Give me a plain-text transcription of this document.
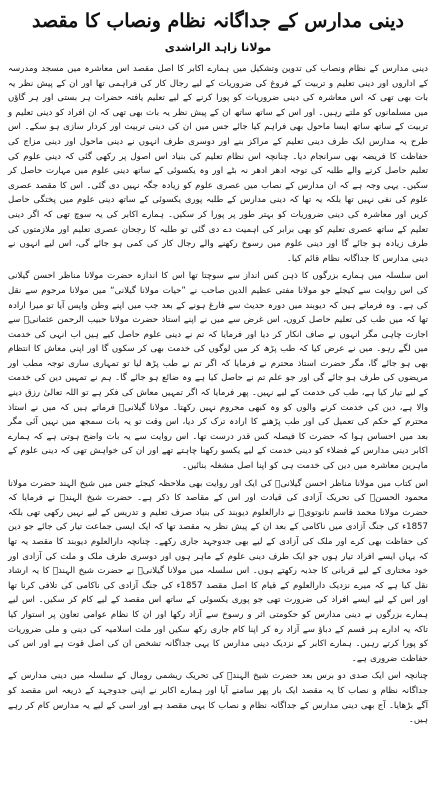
دینی مدارس کے جداگانہ نظام ونصاب کا مقصد
مولانا زاہد الراشدی
دینی مدارس کے نظام ونصاب کی تدوین وتشکیل میں ہمارے اکابر کا اصل مقصد اس معاشرہ میں مسجد ومدرسہ کے اداروں اور دینی تعلیم و تربیت کے فروغ کی ضروریات کے لیے رجال کار کی فراہمی تھا اور ان کے پیش نظر یہ بات بھی تھی کہ اس معاشرہ کی دینی ضروریات کو پورا کرنے کے لیے تعلیم یافتہ حضرات ہر بستی اور ہر گاؤں میں مسلمانوں کو ملتے رہیں۔ اور اس کے ساتھ ساتھ ان کے پیش نظر یہ بات بھی تھی کہ ان افراد کو دینی تعلیم و تربیت کے ساتھ ساتھ ایسا ماحول بھی فراہم کیا جائے جس میں ان کی دینی تربیت اور کردار سازی ہو سکے۔ اس طرح یہ مدارس ایک طرف دینی تعلیم کے مراکز بنے اور دوسری طرف انہوں نے دینی ماحول اور دینی مزاج کی حفاظت کا فریضہ بھی سرانجام دیا۔ چنانچہ اس نظام تعلیم کی بنیاد اس اصول پر رکھی گئی کہ دینی علوم کی تعلیم حاصل کرنے والے طلبہ کی توجہ ادھر ادھر نہ بٹے اور وہ یکسوئی کے ساتھ دینی علوم میں مہارت حاصل کر سکیں۔ یہی وجہ ہے کہ ان مدارس کے نصاب میں عصری علوم کو زیادہ جگہ نہیں دی گئی۔ اس کا مقصد عصری علوم کی نفی نہیں تھا بلکہ یہ تھا کہ دینی مدارس کے طلبہ پوری یکسوئی کے ساتھ دینی علوم میں پختگی حاصل کریں اور معاشرہ کی دینی ضروریات کو بہتر طور پر پورا کر سکیں۔ ہمارے اکابر کی یہ سوچ تھی کہ اگر دینی تعلیم کے ساتھ عصری تعلیم کو بھی برابر کی اہمیت دے دی گئی تو طلبہ کا رجحان عصری تعلیم اور ملازمتوں کی طرف زیادہ ہو جائے گا اور دینی علوم میں رسوخ رکھنے والے رجال کار کی کمی ہو جائے گی، اس لیے انہوں نے دینی مدارس کا جداگانہ نظام قائم کیا۔
اس سلسلہ میں ہمارے بزرگوں کا ذہن کس انداز سے سوچتا تھا اس کا اندازہ حضرت مولانا مناظر احسن گیلانی کی اس روایت سے کیجئے جو مولانا مفتی عظیم الدین صاحب نے ”حیات مولانا گیلانی“ میں مولانا مرحوم سے نقل کی ہے۔ وہ فرماتے ہیں کہ دیوبند میں دورہ حدیث سے فارغ ہونے کے بعد جب میں اپنے وطن واپس آیا تو میرا ارادہ تھا کہ میں طب کی تعلیم حاصل کروں، اس غرض سے میں نے اپنے استاذ حضرت مولانا حبیب الرحمن عثمانیؒ سے اجازت چاہی مگر انہوں نے صاف انکار کر دیا اور فرمایا کہ تم نے دینی علوم حاصل کیے ہیں اب انہی کی خدمت میں لگے رہو۔ میں نے عرض کیا کہ طب پڑھ کر میں لوگوں کی خدمت بھی کر سکوں گا اور اپنی معاش کا انتظام بھی ہو جائے گا، مگر حضرت استاذ محترم نے فرمایا کہ اگر تم نے طب پڑھ لیا تو تمہاری ساری توجہ مطب اور مریضوں کی طرف ہو جائے گی اور جو علم تم نے حاصل کیا ہے وہ ضائع ہو جائے گا۔ ہم نے تمہیں دین کی خدمت کے لیے تیار کیا ہے، طب کی خدمت کے لیے نہیں۔ پھر فرمایا کہ اگر تمہیں معاش کی فکر ہے تو اللہ تعالیٰ رزق دینے والا ہے، دین کی خدمت کرنے والوں کو وہ کبھی محروم نہیں رکھتا۔ مولانا گیلانیؒ فرماتے ہیں کہ میں نے استاذ محترم کے حکم کی تعمیل کی اور طب پڑھنے کا ارادہ ترک کر دیا، اس وقت تو یہ بات سمجھ میں نہیں آئی مگر بعد میں احساس ہوا کہ حضرت کا فیصلہ کس قدر درست تھا۔ اس روایت سے یہ بات واضح ہوتی ہے کہ ہمارے اکابر دینی مدارس کے فضلاء کو دینی خدمت کے لیے یکسو رکھنا چاہتے تھے اور ان کی خواہش تھی کہ دینی علوم کے ماہرین معاشرہ میں دین کی خدمت ہی کو اپنا اصل مشغلہ بنائیں۔
اس کتاب میں مولانا مناظر احسن گیلانیؒ کی ایک اور روایت بھی ملاحظہ کیجئے جس میں شیخ الہند حضرت مولانا محمود الحسنؒ کی تحریک آزادی کی قیادت اور اس کے مقاصد کا ذکر ہے۔ حضرت شیخ الہندؒ نے فرمایا کہ حضرت مولانا محمد قاسم نانوتویؒ نے دارالعلوم دیوبند کی بنیاد صرف تعلیم و تدریس کے لیے نہیں رکھی تھی بلکہ 1857ء کی جنگ آزادی میں ناکامی کے بعد ان کے پیش نظر یہ مقصد تھا کہ ایک ایسی جماعت تیار کی جائے جو دین کی حفاظت بھی کرے اور ملک کی آزادی کے لیے بھی جدوجہد جاری رکھے۔ چنانچہ دارالعلوم دیوبند کا مقصد یہ تھا کہ یہاں ایسے افراد تیار ہوں جو ایک طرف دینی علوم کے ماہر ہوں اور دوسری طرف ملک و ملت کی آزادی اور خود مختاری کے لیے قربانی کا جذبہ رکھتے ہوں۔ اس سلسلہ میں مولانا گیلانیؒ نے حضرت شیخ الہندؒ کا یہ ارشاد نقل کیا ہے کہ میرے نزدیک دارالعلوم کے قیام کا اصل مقصد 1857ء کی جنگ آزادی کی ناکامی کی تلافی کرنا تھا اور اس کے لیے ایسے افراد کی ضرورت تھی جو پوری یکسوئی کے ساتھ اس مقصد کے لیے کام کر سکیں۔ اس لیے ہمارے بزرگوں نے دینی مدارس کو حکومتی اثر و رسوخ سے آزاد رکھا اور ان کا نظام عوامی تعاون پر استوار کیا تاکہ یہ ادارے ہر قسم کے دباؤ سے آزاد رہ کر اپنا کام جاری رکھ سکیں اور ملت اسلامیہ کی دینی و ملی ضروریات کو پورا کرتے رہیں۔ ہمارے اکابر کے نزدیک دینی مدارس کا یہی جداگانہ تشخص ان کی اصل قوت ہے اور اس کی حفاظت ضروری ہے۔
چنانچہ اس ایک صدی دو برس بعد حضرت شیخ الہندؒ کی تحریک ریشمی رومال کے سلسلہ میں دینی مدارس کے جداگانہ نظام و نصاب کا یہ مقصد ایک بار پھر سامنے آیا اور ہمارے اکابر نے اپنی جدوجہد کے ذریعہ اس مقصد کو آگے بڑھایا۔ آج بھی دینی مدارس کے جداگانہ نظام و نصاب کا یہی مقصد ہے اور اسی کے لیے یہ مدارس کام کر رہے ہیں۔
